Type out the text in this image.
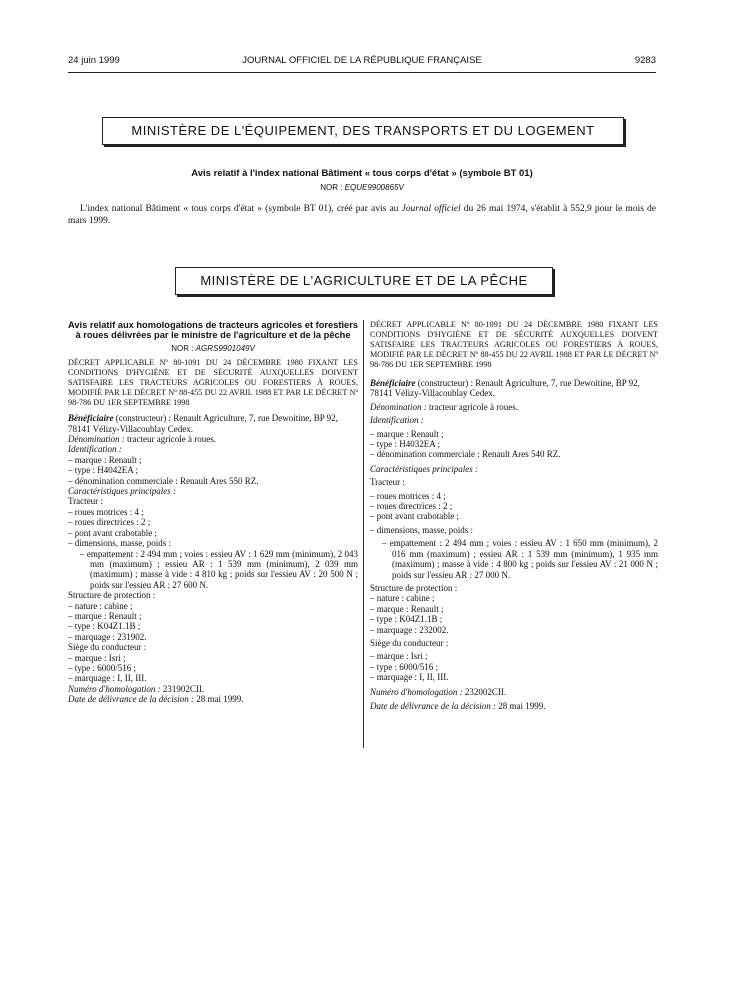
24 juin 1999	JOURNAL OFFICIEL DE LA RÉPUBLIQUE FRANÇAISE	9283
MINISTÈRE DE L'ÉQUIPEMENT, DES TRANSPORTS ET DU LOGEMENT
Avis relatif à l'index national Bâtiment « tous corps d'état » (symbole BT 01)
NOR : EQUE9900865V
L'index national Bâtiment « tous corps d'état » (symbole BT 01), créé par avis au Journal officiel du 26 mai 1974, s'établit à 552,9 pour le mois de mars 1999.
MINISTÈRE DE L'AGRICULTURE ET DE LA PÊCHE

Avis relatif aux homologations de tracteurs agricoles et forestiers à roues délivrées par le ministre de l'agriculture et de la pêche

NOR : AGRS9901049V

DÉCRET APPLICABLE Nº 80-1091 DU 24 DÉCEMBRE 1980 FIXANT LES CONDITIONS D'HYGIÈNE ET DE SÉCURITÉ AUXQUELLES DOIVENT SATISFAIRE LES TRACTEURS AGRICOLES OU FORESTIERS À ROUES, MODIFIÉ PAR LE DÉCRET Nº 88-455 DU 22 AVRIL 1988 ET PAR LE DÉCRET Nº 98-786 DU 1ER SEPTEMBRE 1998

Bénéficiaire (constructeur) : Renault Agriculture, 7, rue Dewoitine, BP 92, 78141 Vélizy-Villacoublay Cedex.

Dénomination : tracteur agricole à roues.

Identification :

– marque : Renault ;

– type : H4042EA ;

– dénomination commerciale : Renault Ares 550 RZ.

Caractéristiques principales :

Tracteur :

– roues motrices : 4 ;

– roues directrices : 2 ;

– pont avant crabotable ;

– dimensions, masse, poids :

– empattement : 2 494 mm ; voies : essieu AV : 1 629 mm (minimum), 2 043 mm (maximum) ; essieu AR : 1 539 mm (minimum), 2 039 mm (maximum) ; masse à vide : 4 810 kg ; poids sur l'essieu AV : 20 500 N ; poids sur l'essieu AR : 27 600 N.

Structure de protection :

– nature : cabine ;

– marque : Renault ;

– type : K04Z1.1B ;

– marquage : 231902.

Siège du conducteur :

– marque : Isri ;

– type : 6000/516 ;

– marquage : I, II, III.

Numéro d'homologation : 231902CII.

Date de délivrance de la décision : 28 mai 1999.

DÉCRET APPLICABLE Nº 80-1091 DU 24 DÉCEMBRE 1980 FIXANT LES CONDITIONS D'HYGIÈNE ET DE SÉCURITÉ AUXQUELLES DOIVENT SATISFAIRE LES TRACTEURS AGRICOLES OU FORESTIERS À ROUES, MODIFIÉ PAR LE DÉCRET Nº 88-455 DU 22 AVRIL 1988 ET PAR LE DÉCRET Nº 98-786 DU 1ER SEPTEMBRE 1998

Bénéficiaire (constructeur) : Renault Agriculture, 7, rue Dewoitine, BP 92, 78141 Vélizy-Villacoublay Cedex.

Dénomination : tracteur agricole à roues.

Identification :

– marque : Renault ;

– type : H4032EA ;

– dénomination commerciale : Renault Ares 540 RZ.

Caractéristiques principales :

Tracteur :

– roues motrices : 4 ;

– roues directrices : 2 ;

– pont avant crabotable ;

– dimensions, masse, poids :

– empattement : 2 494 mm ; voies : essieu AV : 1 650 mm (minimum), 2 016 mm (maximum) ; essieu AR : 1 539 mm (minimum), 1 935 mm (maximum) ; masse à vide : 4 800 kg ; poids sur l'essieu AV : 21 000 N ; poids sur l'essieu AR : 27 000 N.

Structure de protection :

– nature : cabine ;

– marque : Renault ;

– type : K04Z1.1B ;

– marquage : 232002.

Siège du conducteur :

– marque : Isri ;

– type : 6000/516 ;

– marquage : I, II, III.

Numéro d'homologation : 232002CII.

Date de délivrance de la décision : 28 mai 1999.
